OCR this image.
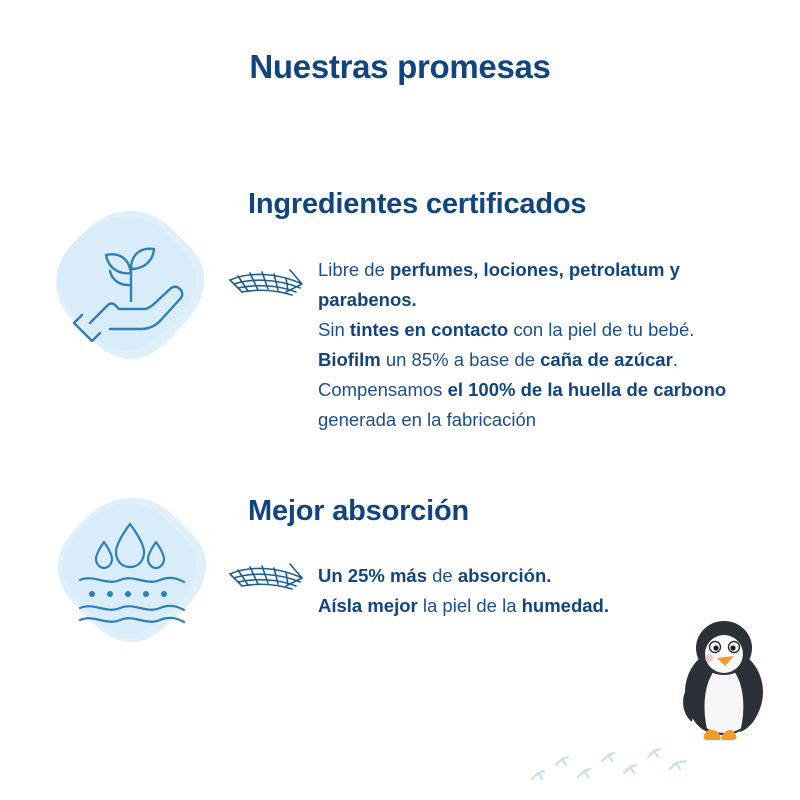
Nuestras promesas
Ingredientes certificados
Libre de perfumes, lociones, petrolatum y parabenos.
Sin tintes en contacto con la piel de tu bebé.
Biofilm un 85% a base de caña de azúcar.
Compensamos el 100% de la huella de carbono generada en la fabricación
Mejor absorción
Un 25% más de absorción.
Aísla mejor la piel de la humedad.
